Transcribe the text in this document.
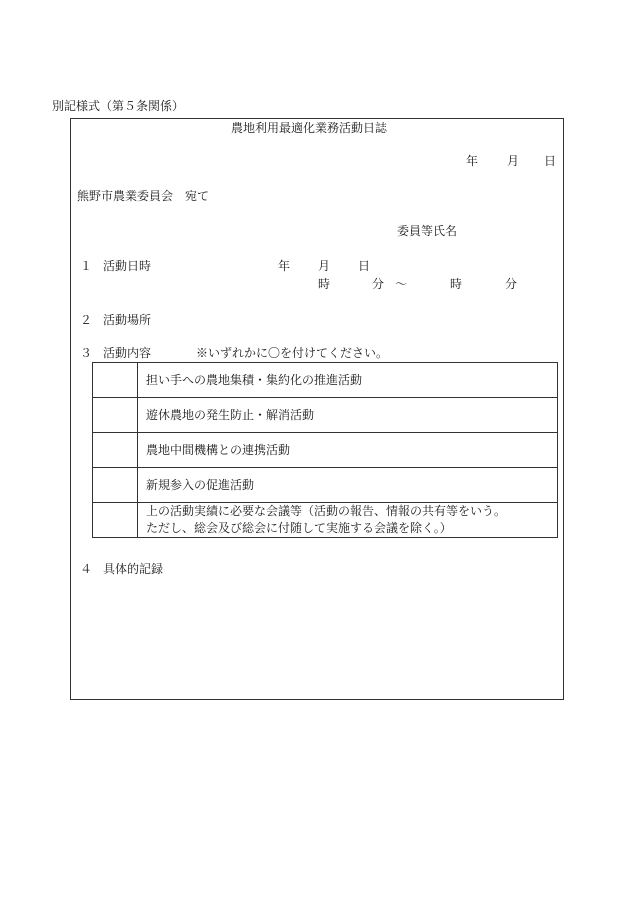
別記様式（第５条関係）
農地利用最適化業務活動日誌
年 月 日
熊野市農業委員会　宛て
委員等氏名
１ 活動日時	年 月 日
時	分 ～	時	分
２ 活動場所
３ 活動内容	※いずれかに〇を付けてください。
	担い手への農地集積・集約化の推進活動
	遊休農地の発生防止・解消活動
	農地中間機構との連携活動
	新規参入の促進活動

	上の活動実績に必要な会議等（活動の報告、情報の共有等をいう。
ただし、総会及び総会に付随して実施する会議を除く。）
４ 具体的記録
